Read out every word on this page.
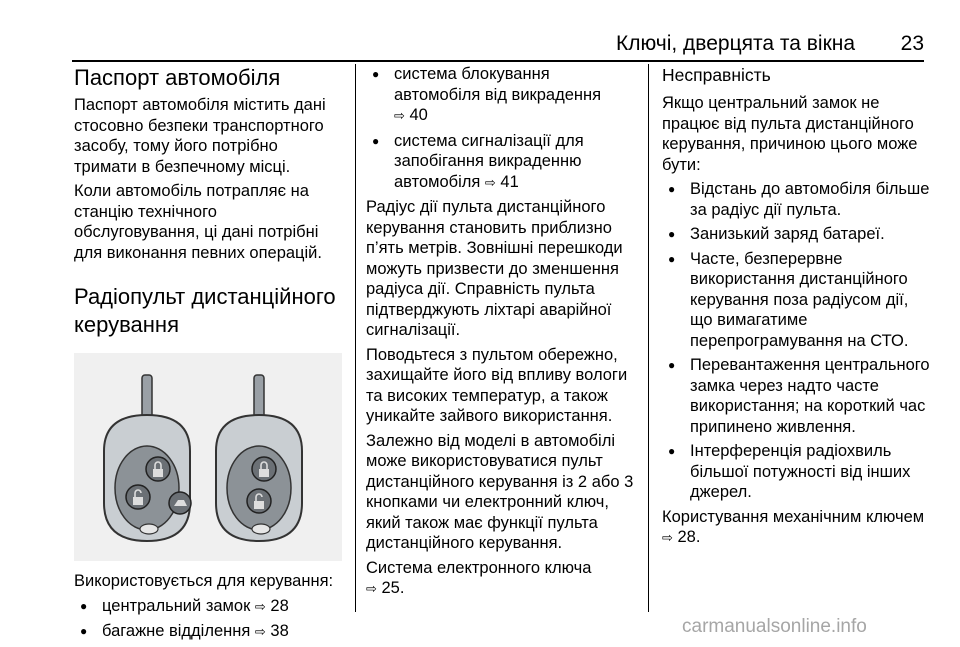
Ключі, дверцята та вікна 23
Паспорт автомобіля

Паспорт автомобіля містить дані стосовно безпеки транспортного засобу, тому його потрібно тримати в безпечному місці.

Коли автомобіль потрапляє на станцію технічного обслуговування, ці дані потрібні для виконання певних операцій.

Радіопульт дистанційного керування

Використовується для керування:

● центральний замок ⇨ 28
● багажне відділення ⇨ 38
● система блокування автомобіля від викрадення
⇨ 40
● система сигналізації для запобігання викраденню автомобіля ⇨ 41

Радіус дії пульта дистанційного керування становить приблизно п’ять метрів. Зовнішні перешкоди можуть призвести до зменшення радіуса дії. Справність пульта підтверджують ліхтарі аварійної сигналізації.

Поводьтеся з пультом обережно, захищайте його від впливу вологи та високих температур, а також уникайте зайвого використання.

Залежно від моделі в автомобілі може використовуватися пульт дистанційного керування із 2 або 3 кнопками чи електронний ключ, який також має функції пульта дистанційного керування.

Система електронного ключа
⇨ 25.

Несправність

Якщо центральний замок не працює від пульта дистанційного керування, причиною цього може бути:

● Відстань до автомобіля більше за радіус дії пульта.
● Занизький заряд батареї.
● Часте, безперервне використання дистанційного керування поза радіусом дії, що вимагатиме перепрограмування на СТО.
● Перевантаження центрального замка через надто часте використання; на короткий час припинено живлення.
● Інтерференція радіохвиль більшої потужності від інших джерел.

Користування механічним ключем
⇨ 28.

carmanualsonline.info
